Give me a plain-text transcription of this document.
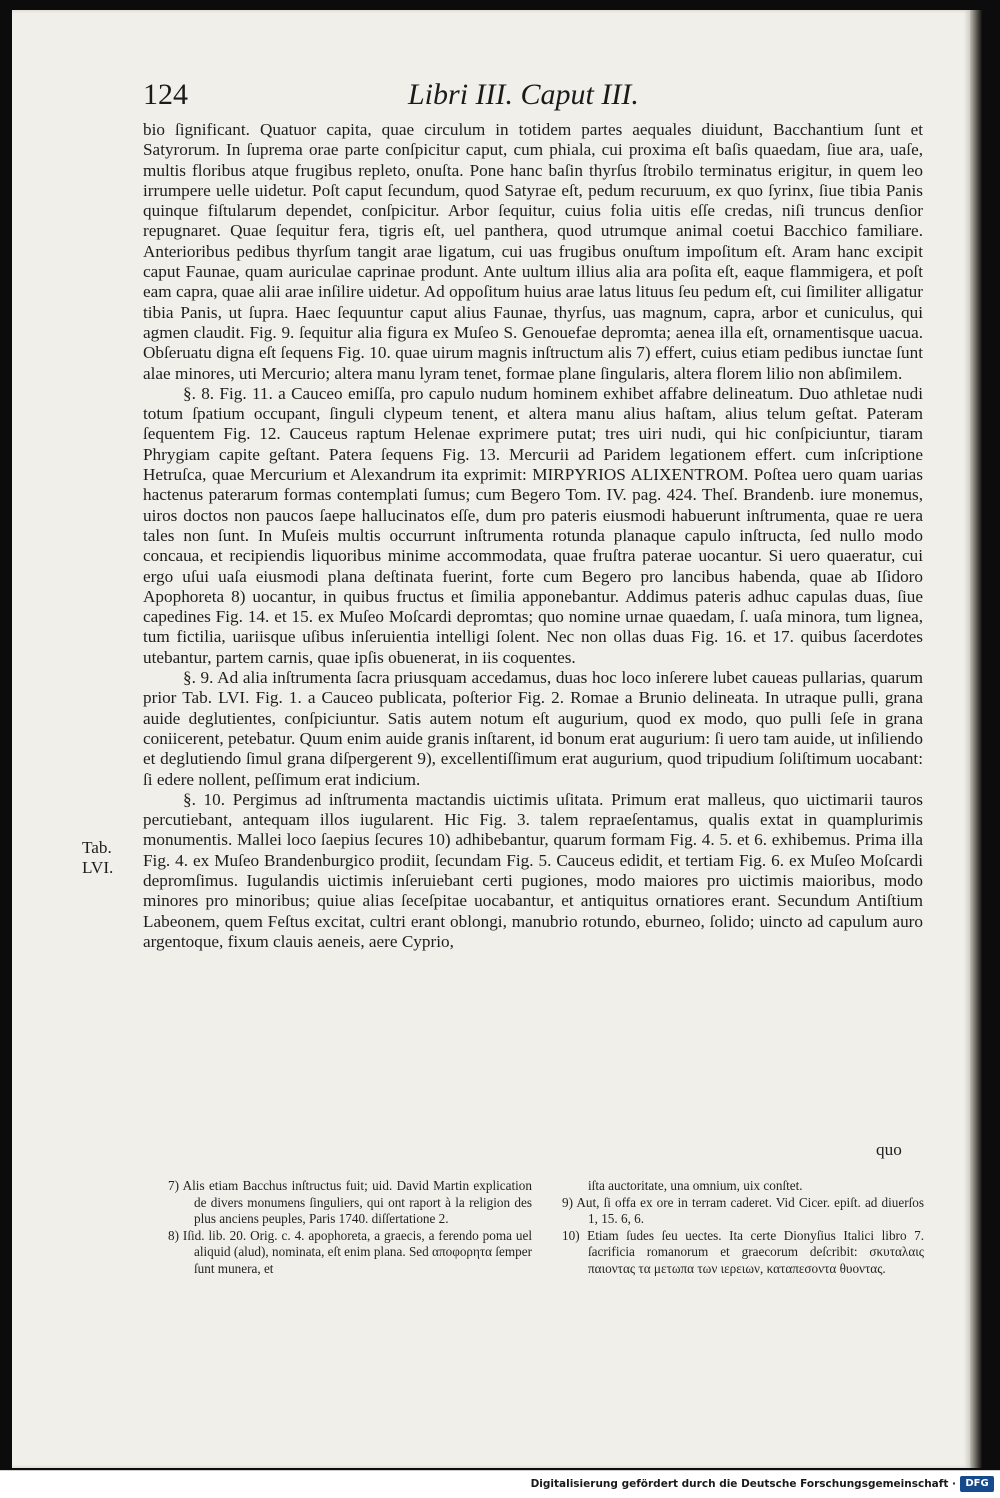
124	Libri III. Caput III.

bio ſignificant. Quatuor capita, quae circulum in totidem partes aequales diuidunt, Bacchantium ſunt et Satyrorum. In ſuprema orae parte conſpicitur caput, cum phiala, cui proxima eſt baſis quaedam, ſiue ara, uaſe, multis floribus atque frugibus repleto, onuſta. Pone hanc baſin thyrſus ſtrobilo terminatus erigitur, in quem leo irrumpere uelle uidetur. Poſt caput ſecundum, quod Satyrae eſt, pedum recuruum, ex quo ſyrinx, ſiue tibia Panis quinque fiſtularum dependet, conſpicitur. Arbor ſequitur, cuius folia uitis eſſe credas, niſi truncus denſior repugnaret. Quae ſequitur fera, tigris eſt, uel panthera, quod utrumque animal coetui Bacchico familiare. Anterioribus pedibus thyrſum tangit arae ligatum, cui uas frugibus onuſtum impoſitum eſt. Aram hanc excipit caput Faunae, quam auriculae caprinae produnt. Ante uultum illius alia ara poſita eſt, eaque flammigera, et poſt eam capra, quae alii arae inſilire uidetur. Ad oppoſitum huius arae latus lituus ſeu pedum eſt, cui ſimiliter alligatur tibia Panis, ut ſupra. Haec ſequuntur caput alius Faunae, thyrſus, uas magnum, capra, arbor et cuniculus, qui agmen claudit. Fig. 9. ſequitur alia figura ex Muſeo S. Genouefae depromta; aenea illa eſt, ornamentisque uacua. Obſeruatu digna eſt ſequens Fig. 10. quae uirum magnis inſtructum alis 7) effert, cuius etiam pedibus iunctae ſunt alae minores, uti Mercurio; altera manu lyram tenet, formae plane ſingularis, altera florem lilio non abſimilem.

§. 8. Fig. 11. a Cauceo emiſſa, pro capulo nudum hominem exhibet affabre delineatum. Duo athletae nudi totum ſpatium occupant, ſinguli clypeum tenent, et altera manu alius haſtam, alius telum geſtat. Pateram ſequentem Fig. 12. Cauceus raptum Helenae exprimere putat; tres uiri nudi, qui hic conſpiciuntur, tiaram Phrygiam capite geſtant. Patera ſequens Fig. 13. Mercurii ad Paridem legationem effert. cum inſcriptione Hetruſca, quae Mercurium et Alexandrum ita exprimit: MIRPYRIOS ALIXENTROM. Poſtea uero quam uarias hactenus paterarum formas contemplati ſumus; cum Begero Tom. IV. pag. 424. Theſ. Brandenb. iure monemus, uiros doctos non paucos ſaepe hallucinatos eſſe, dum pro pateris eiusmodi habuerunt inſtrumenta, quae re uera tales non ſunt. In Muſeis multis occurrunt inſtrumenta rotunda planaque capulo inſtructa, ſed nullo modo concaua, et recipiendis liquoribus minime accommodata, quae fruſtra paterae uocantur. Si uero quaeratur, cui ergo uſui uaſa eiusmodi plana deſtinata fuerint, forte cum Begero pro lancibus habenda, quae ab Iſidoro Apophoreta 8) uocantur, in quibus fructus et ſimilia apponebantur. Addimus pateris adhuc capulas duas, ſiue capedines Fig. 14. et 15. ex Muſeo Moſcardi depromtas; quo nomine urnae quaedam, ſ. uaſa minora, tum lignea, tum fictilia, uariisque uſibus inſeruientia intelligi ſolent. Nec non ollas duas Fig. 16. et 17. quibus ſacerdotes utebantur, partem carnis, quae ipſis obuenerat, in iis coquentes.

§. 9. Ad alia inſtrumenta ſacra priusquam accedamus, duas hoc loco inſerere lubet caueas pullarias, quarum prior Tab. LVI. Fig. 1. a Cauceo publicata, poſterior Fig. 2. Romae a Brunio delineata. In utraque pulli, grana auide deglutientes, conſpiciuntur. Satis autem notum eſt augurium, quod ex modo, quo pulli ſeſe in grana coniicerent, petebatur. Quum enim auide granis inſtarent, id bonum erat augurium: ſi uero tam auide, ut inſiliendo et deglutiendo ſimul grana diſpergerent 9), excellentiſſimum erat augurium, quod tripudium ſoliſtimum uocabant: ſi edere nollent, peſſimum erat indicium.

§. 10. Pergimus ad inſtrumenta mactandis uictimis uſitata. Primum erat malleus, quo uictimarii tauros percutiebant, antequam illos iugularent. Hic Fig. 3. talem repraeſentamus, qualis extat in quamplurimis monumentis. Mallei loco ſaepius ſecures 10) adhibebantur, quarum formam Fig. 4. 5. et 6. exhibemus. Prima illa Fig. 4. ex Muſeo Brandenburgico prodiit, ſecundam Fig. 5. Cauceus edidit, et tertiam Fig. 6. ex Muſeo Moſcardi depromſimus. Iugulandis uictimis inſeruiebant certi pugiones, modo maiores pro uictimis maioribus, modo minores pro minoribus; quiue alias ſeceſpitae uocabantur, et antiquitus ornatiores erant. Secundum Antiſtium Labeonem, quem Feſtus excitat, cultri erant oblongi, manubrio rotundo, eburneo, ſolido; uincto ad capulum auro argentoque, fixum clauis aeneis, aere Cyprio,

quo
Tab.
LVI.

7) Alis etiam Bacchus inſtructus fuit; uid. David Martin explication de divers monumens ſinguliers, qui ont raport à la religion des plus anciens peuples, Paris 1740. diſſertatione 2.

8) Iſid. lib. 20. Orig. c. 4. apophoreta, a graecis, a ferendo poma uel aliquid (alud), nominata, eſt enim plana. Sed αποφορητα ſemper ſunt munera, et

iſta auctoritate, una omnium, uix conſtet.

9) Aut, ſi offa ex ore in terram caderet. Vid Cicer. epiſt. ad diuerſos 1, 15. 6, 6.

10) Etiam ſudes ſeu uectes. Ita certe Dionyſius Italici libro 7. ſacrificia romanorum et graecorum deſcribit: σκυταλαις παιοντας τα μετωπα των ιερειων, καταπεσοντα θυοντας.

Digitalisierung gefördert durch die Deutsche Forschungsgemeinschaft · DFG
